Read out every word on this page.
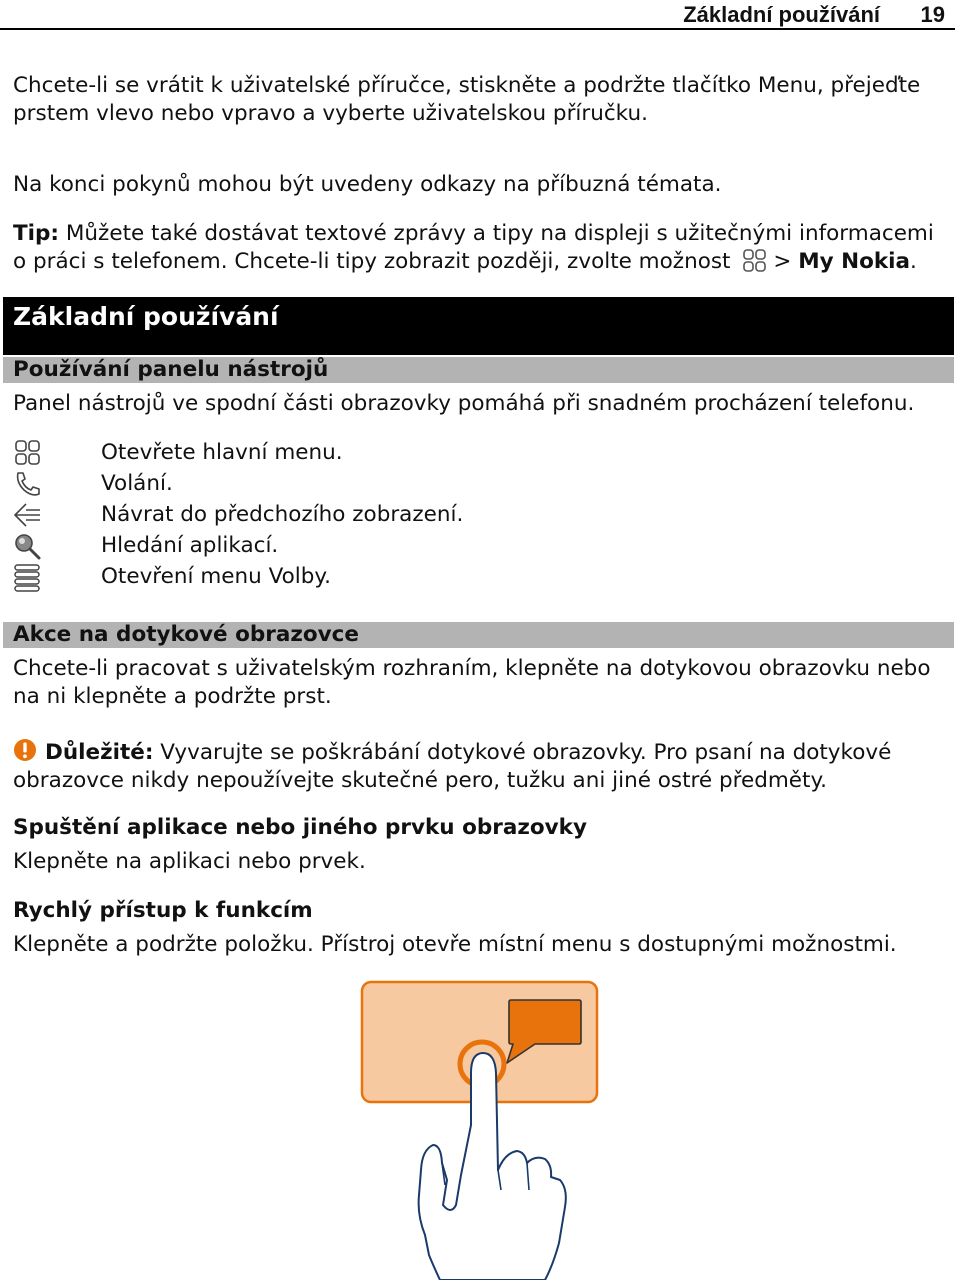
Základní používání 19

Chcete-li se vrátit k uživatelské příručce, stiskněte a podržte tlačítko Menu, přejeďte prstem vlevo nebo vpravo a vyberte uživatelskou příručku.

Na konci pokynů mohou být uvedeny odkazy na příbuzná témata.

Tip: Můžete také dostávat textové zprávy a tipy na displeji s užitečnými informacemi o práci s telefonem. Chcete-li tipy zobrazit později, zvolte možnost > My Nokia.

Základní používání
Používání panelu nástrojů

Panel nástrojů ve spodní části obrazovky pomáhá při snadném procházení telefonu.

Otevřete hlavní menu.
Volání.
Návrat do předchozího zobrazení.
Hledání aplikací.
Otevření menu Volby.
Akce na dotykové obrazovce

Chcete-li pracovat s uživatelským rozhraním, klepněte na dotykovou obrazovku nebo na ni klepněte a podržte prst.

Důležité: Vyvarujte se poškrábání dotykové obrazovky. Pro psaní na dotykové obrazovce nikdy nepoužívejte skutečné pero, tužku ani jiné ostré předměty.

Spuštění aplikace nebo jiného prvku obrazovky

Klepněte na aplikaci nebo prvek.

Rychlý přístup k funkcím

Klepněte a podržte položku. Přístroj otevře místní menu s dostupnými možnostmi.
